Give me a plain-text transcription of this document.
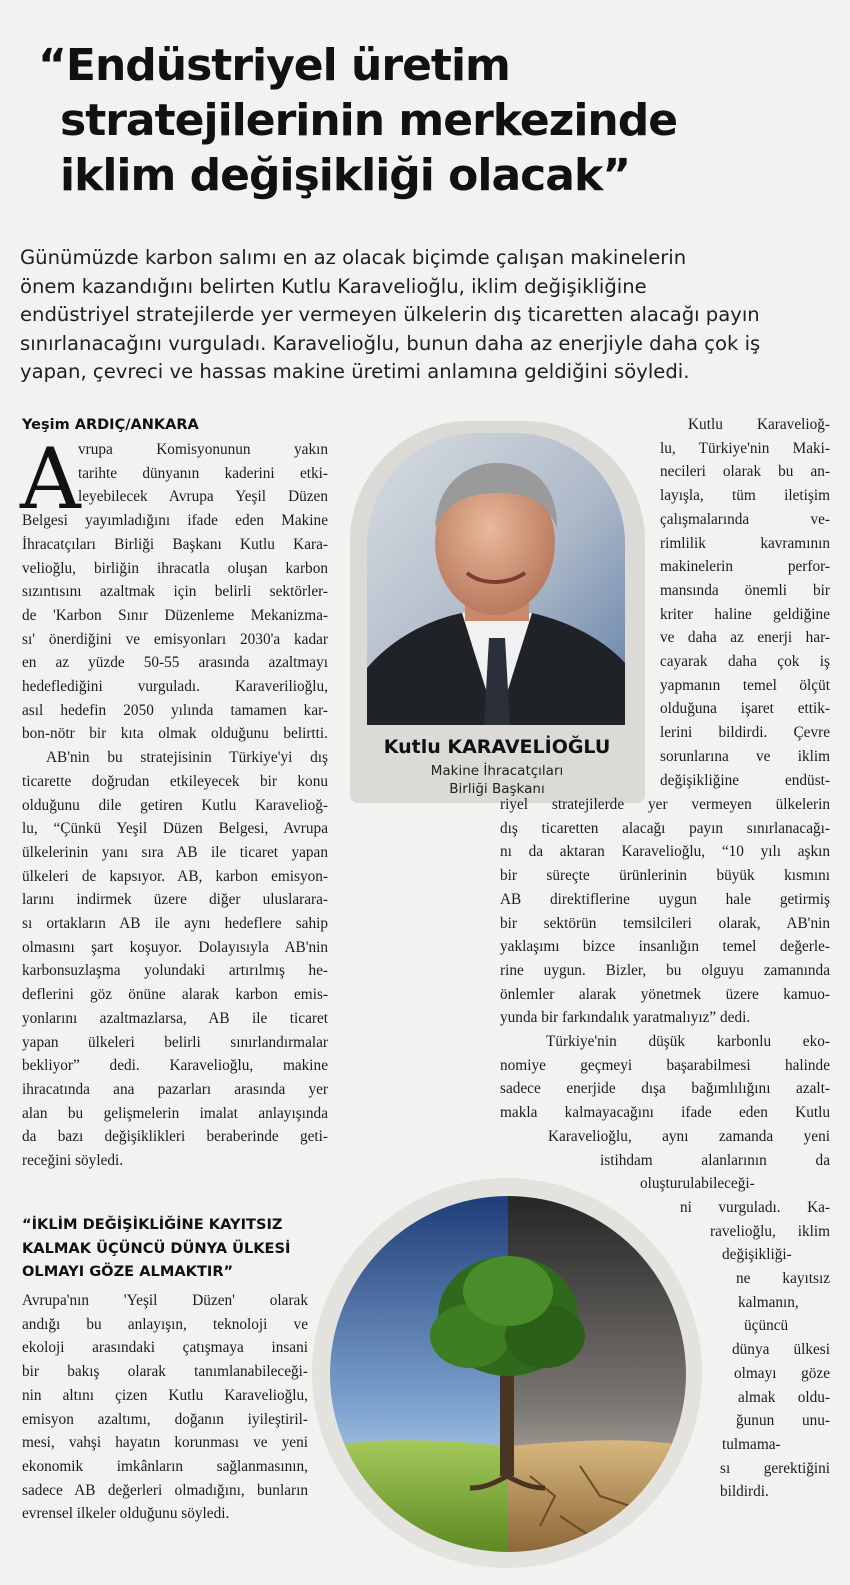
“Endüstriyel üretim
stratejilerinin merkezinde
iklim değişikliği olacak”
Günümüzde karbon salımı en az olacak biçimde çalışan makinelerin
önem kazandığını belirten Kutlu Karavelioğlu, iklim değişikliğine
endüstriyel stratejilerde yer vermeyen ülkelerin dış ticaretten alacağı payın
sınırlanacağını vurguladı. Karavelioğlu, bunun daha az enerjiyle daha çok iş
yapan, çevreci ve hassas makine üretimi anlamına geldiğini söyledi.
Yeşim ARDIÇ/ANKARA
A
vrupa Komisyonunun yakın
tarihte dünyanın kaderini etki-
leyebilecek Avrupa Yeşil Düzen
Belgesi yayımladığını ifade eden Makine
İhracatçıları Birliği Başkanı Kutlu Kara-
velioğlu, birliğin ihracatla oluşan karbon
sızıntısını azaltmak için belirli sektörler-
de 'Karbon Sınır Düzenleme Mekanizma-
sı' önerdiğini ve emisyonları 2030'a kadar
en az yüzde 50-55 arasında azaltmayı
hedeflediğini vurguladı. Karaverilioğlu,
asıl hedefin 2050 yılında tamamen kar-
bon-nötr bir kıta olmak olduğunu belirtti.
AB'nin bu stratejisinin Türkiye'yi dış
ticarette doğrudan etkileyecek bir konu
olduğunu dile getiren Kutlu Karavelioğ-
lu, “Çünkü Yeşil Düzen Belgesi, Avrupa
ülkelerinin yanı sıra AB ile ticaret yapan
ülkeleri de kapsıyor. AB, karbon emisyon-
larını indirmek üzere diğer uluslarara-
sı ortakların AB ile aynı hedeflere sahip
olmasını şart koşuyor. Dolayısıyla AB'nin
karbonsuzlaşma yolundaki artırılmış he-
deflerini göz önüne alarak karbon emis-
yonlarını azaltmazlarsa, AB ile ticaret
yapan ülkeleri belirli sınırlandırmalar
bekliyor” dedi. Karavelioğlu, makine
ihracatında ana pazarları arasında yer
alan bu gelişmelerin imalat anlayışında
da bazı değişiklikleri beraberinde geti-
receğini söyledi.
“İKLİM DEĞİŞİKLİĞİNE KAYITSIZ
KALMAK ÜÇÜNCÜ DÜNYA ÜLKESİ
OLMAYI GÖZE ALMAKTIR”
Avrupa'nın 'Yeşil Düzen' olarak
andığı bu anlayışın, teknoloji ve
ekoloji arasındaki çatışmaya insani
bir bakış olarak tanımlanabileceği-
nin altını çizen Kutlu Karavelioğlu,
emisyon azaltımı, doğanın iyileştiril-
mesi, vahşi hayatın korunması ve yeni
ekonomik imkânların sağlanmasının,
sadece AB değerleri olmadığını, bunların
evrensel ilkeler olduğunu söyledi.
Kutlu KARAVELİOĞLU
Makine İhracatçıları
Birliği Başkanı
Kutlu Karavelioğ-
lu, Türkiye'nin Maki-
necileri olarak bu an-
layışla, tüm iletişim
çalışmalarında ve-
rimlilik kavramının
makinelerin perfor-
mansında önemli bir
kriter haline geldiğine
ve daha az enerji har-
cayarak daha çok iş
yapmanın temel ölçüt
olduğuna işaret ettik-
lerini bildirdi. Çevre
sorunlarına ve iklim
değişikliğine endüst-
riyel stratejilerde yer vermeyen ülkelerin
dış ticaretten alacağı payın sınırlanacağı-
nı da aktaran Karavelioğlu, “10 yılı aşkın
bir süreçte ürünlerinin büyük kısmını
AB direktiflerine uygun hale getirmiş
bir sektörün temsilcileri olarak, AB'nin
yaklaşımı bizce insanlığın temel değerle-
rine uygun. Bizler, bu olguyu zamanında
önlemler alarak yönetmek üzere kamuo-
yunda bir farkındalık yaratmalıyız” dedi.
Türkiye'nin düşük karbonlu eko-
nomiye geçmeyi başarabilmesi halinde
sadece enerjide dışa bağımlılığını azalt-
makla kalmayacağını ifade eden Kutlu
Karavelioğlu, aynı zamanda yeni
istihdam alanlarının da
oluşturulabileceği-
ni vurguladı. Ka-
ravelioğlu, iklim
değişikliği-
ne kayıtsız
kalmanın,
üçüncü
dünya ülkesi
olmayı göze
almak oldu-
ğunun unu-
tulmama-
sı gerektiğini
bildirdi.
